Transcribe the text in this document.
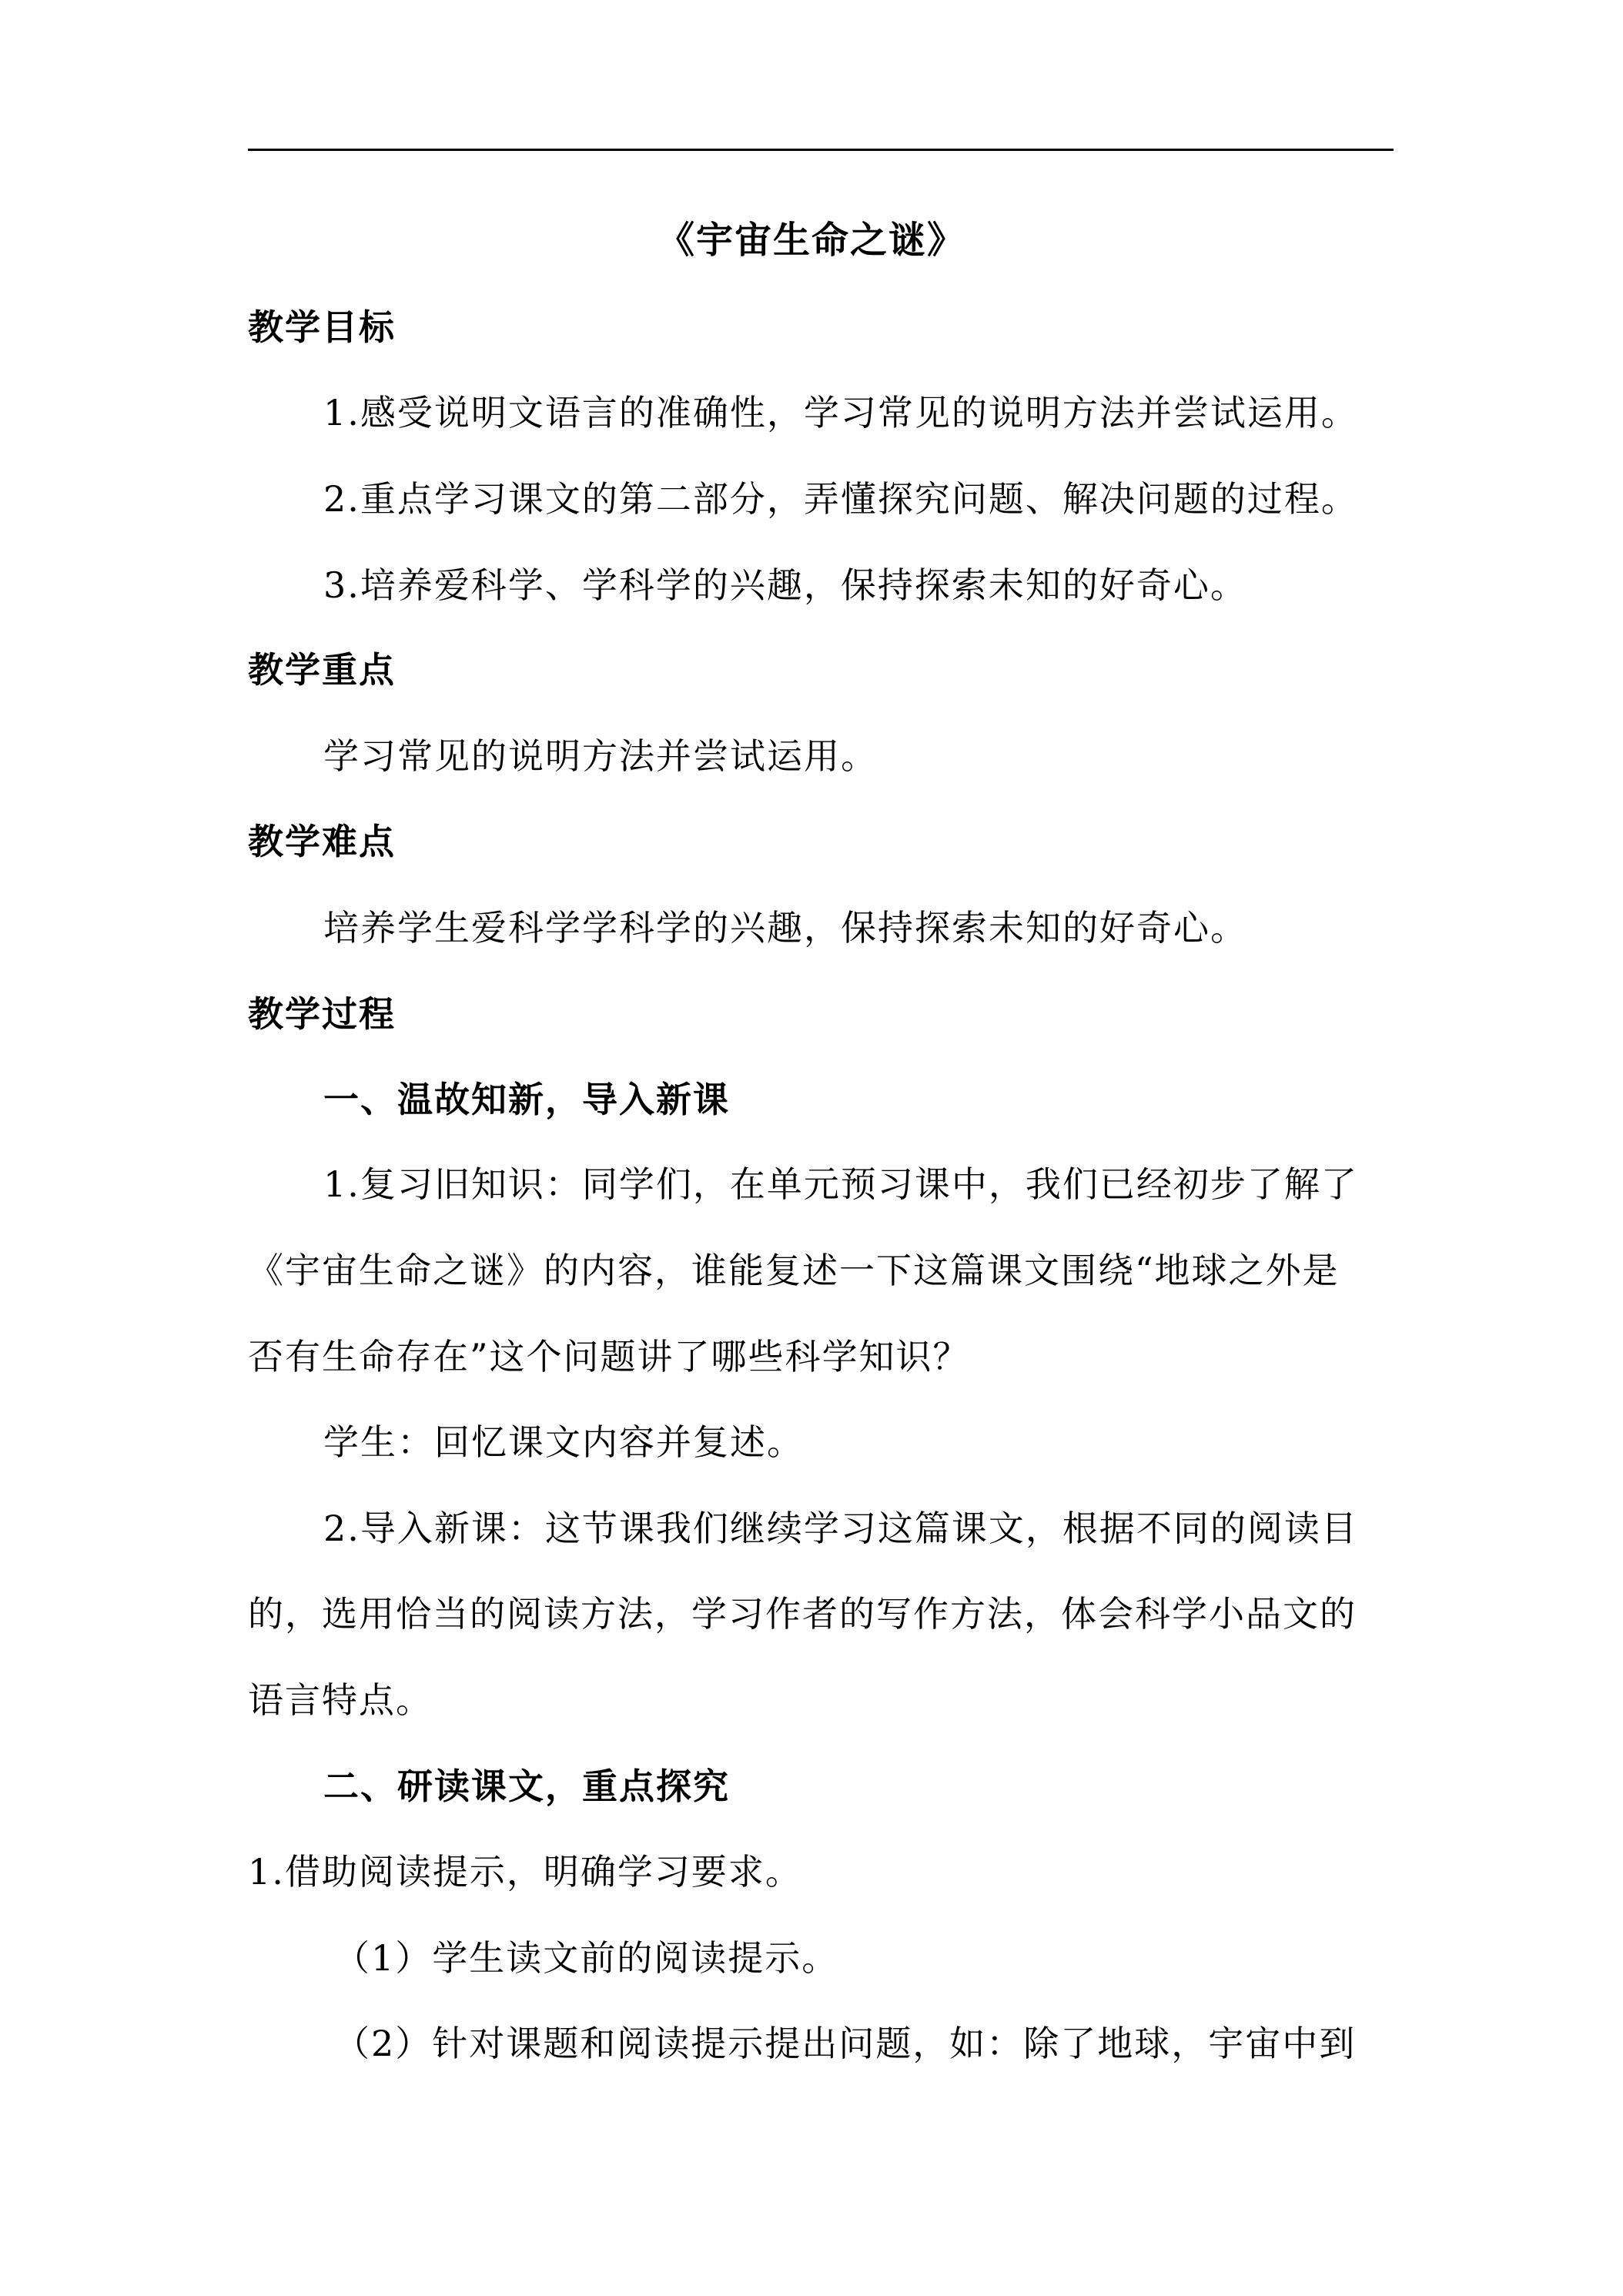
《宇宙生命之谜》
教学目标
1.感受说明文语言的准确性，学习常见的说明方法并尝试运用。
2.重点学习课文的第二部分，弄懂探究问题、解决问题的过程。
3.培养爱科学、学科学的兴趣，保持探索未知的好奇心。
教学重点
学习常见的说明方法并尝试运用。
教学难点
培养学生爱科学学科学的兴趣，保持探索未知的好奇心。
教学过程
一、温故知新，导入新课
1.复习旧知识：同学们，在单元预习课中，我们已经初步了解了
《宇宙生命之谜》的内容，谁能复述一下这篇课文围绕“地球之外是
否有生命存在”这个问题讲了哪些科学知识？
学生：回忆课文内容并复述。
2.导入新课：这节课我们继续学习这篇课文，根据不同的阅读目
的，选用恰当的阅读方法，学习作者的写作方法，体会科学小品文的
语言特点。
二、研读课文，重点探究
1.借助阅读提示，明确学习要求。
（1）学生读文前的阅读提示。
（2）针对课题和阅读提示提出问题，如：除了地球，宇宙中到
